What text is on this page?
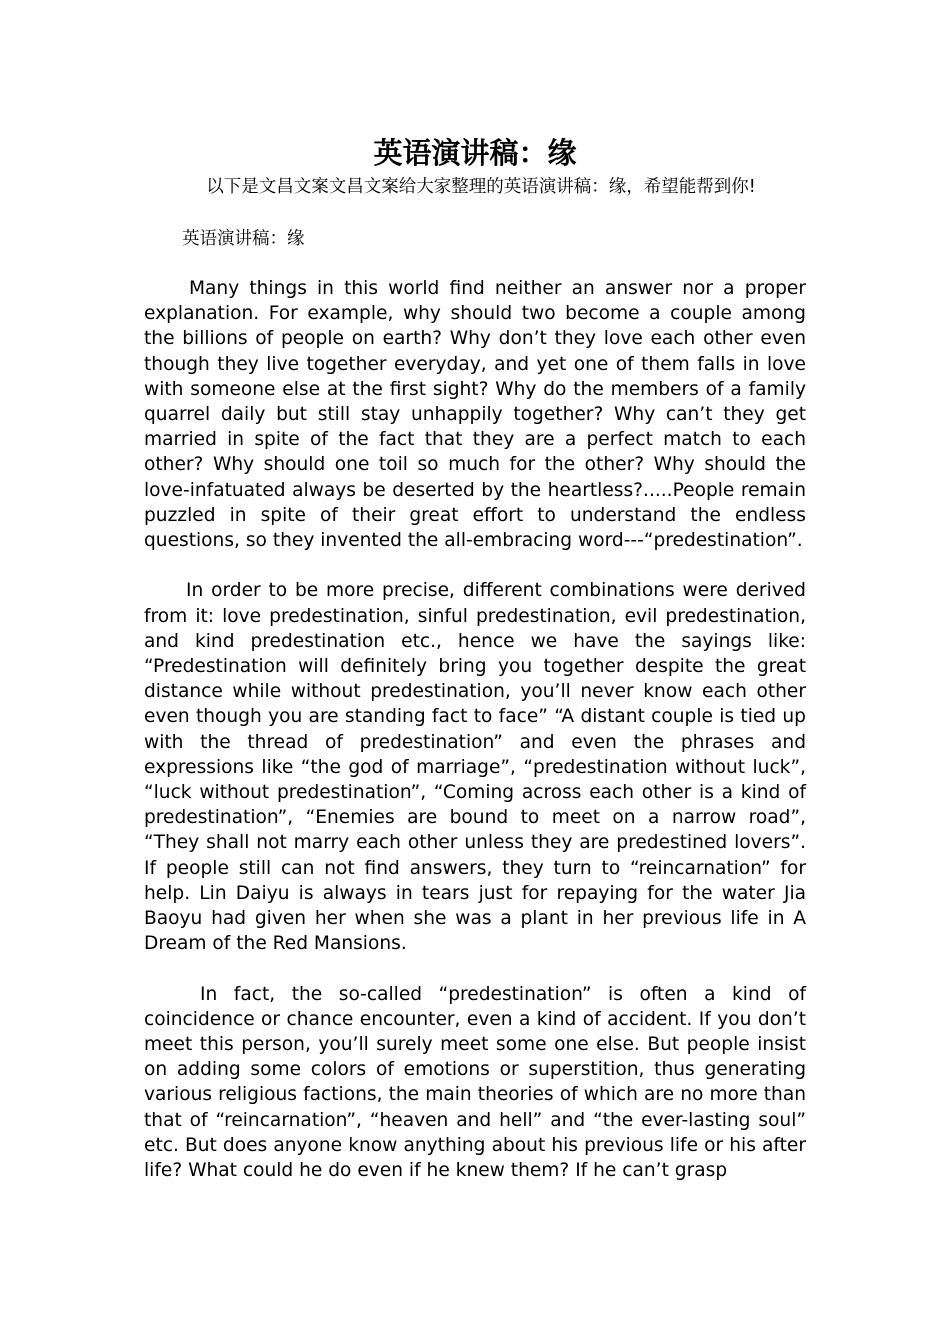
英语演讲稿：缘

以下是文昌文案文昌文案给大家整理的英语演讲稿：缘，希望能帮到你!

英语演讲稿：缘

Many things in this world find neither an answer nor a proper explanation. For example, why should two become a couple among the billions of people on earth? Why don’t they love each other even though they live together everyday, and yet one of them falls in love with someone else at the first sight? Why do the members of a family quarrel daily but still stay unhappily together? Why can’t they get married in spite of the fact that they are a perfect match to each other? Why should one toil so much for the other? Why should the love-infatuated always be deserted by the heartless?.....People remain puzzled in spite of their great effort to understand the endless questions, so they invented the all-embracing word---“predestination”.

In order to be more precise, different combinations were derived from it: love predestination, sinful predestination, evil predestination, and kind predestination etc., hence we have the sayings like: “Predestination will definitely bring you together despite the great distance while without predestination, you’ll never know each other even though you are standing fact to face” “A distant couple is tied up with the thread of predestination” and even the phrases and expressions like “the god of marriage”, “predestination without luck”, “luck without predestination”, “Coming across each other is a kind of predestination”, “Enemies are bound to meet on a narrow road”, “They shall not marry each other unless they are predestined lovers”. If people still can not find answers, they turn to “reincarnation” for help. Lin Daiyu is always in tears just for repaying for the water Jia Baoyu had given her when she was a plant in her previous life in A Dream of the Red Mansions.

In fact, the so-called “predestination” is often a kind of coincidence or chance encounter, even a kind of accident. If you don’t meet this person, you’ll surely meet some one else. But people insist on adding some colors of emotions or superstition, thus generating various religious factions, the main theories of which are no more than that of “reincarnation”, “heaven and hell” and “the ever-lasting soul” etc. But does anyone know anything about his previous life or his after life? What could he do even if he knew them? If he can’t grasp
